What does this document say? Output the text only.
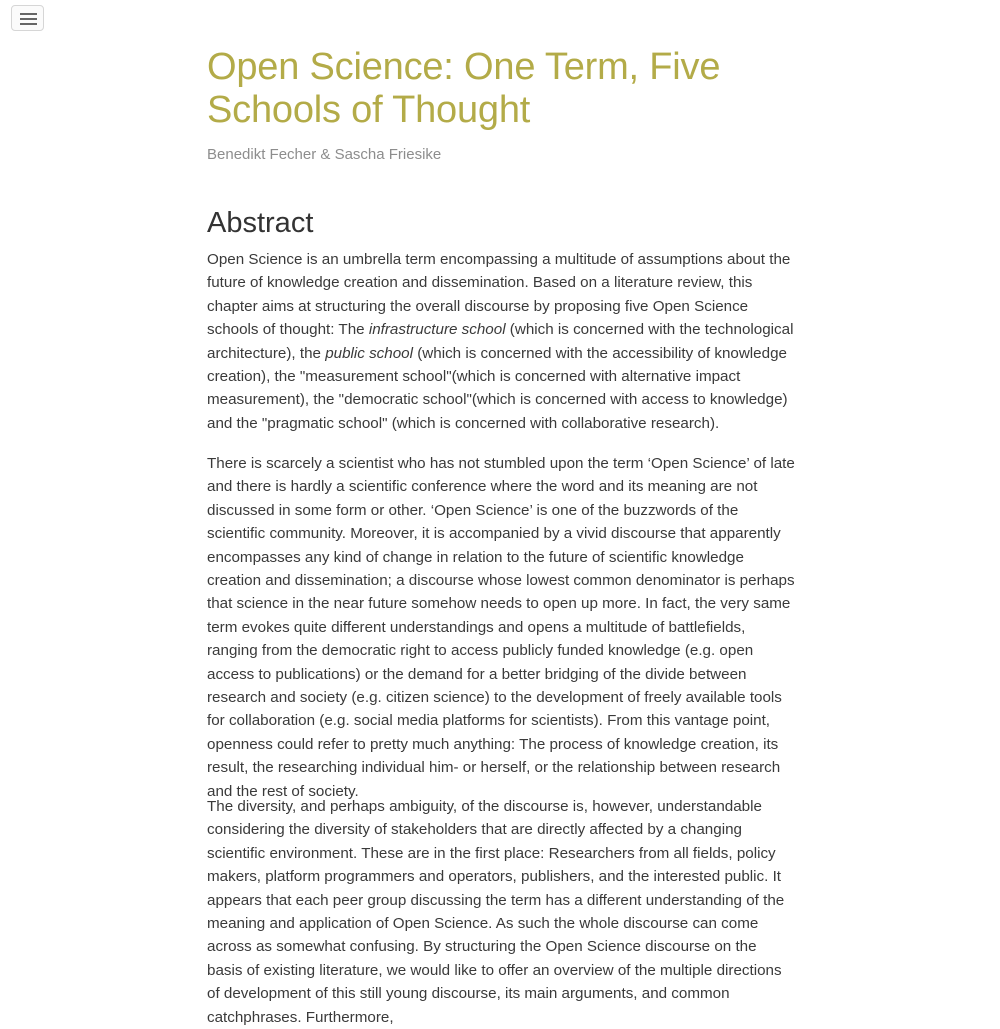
Open Science: One Term, Five Schools of Thought
Benedikt Fecher & Sascha Friesike
Abstract

Open Science is an umbrella term encompassing a multitude of assumptions about the future of knowledge creation and dissemination. Based on a literature review, this chapter aims at structuring the overall discourse by proposing five Open Science schools of thought: The infrastructure school (which is concerned with the technological architecture), the public school (which is concerned with the accessibility of knowledge creation), the "measurement school"(which is concerned with alternative impact measurement), the "democratic school"(which is concerned with access to knowledge) and the "pragmatic school" (which is concerned with collaborative research).

There is scarcely a scientist who has not stumbled upon the term ‘Open Science’ of late and there is hardly a scientific conference where the word and its meaning are not discussed in some form or other. ‘Open Science’ is one of the buzzwords of the scientific community. Moreover, it is accompanied by a vivid discourse that apparently encompasses any kind of change in relation to the future of scientific knowledge creation and dissemination; a discourse whose lowest common denominator is perhaps that science in the near future somehow needs to open up more. In fact, the very same term evokes quite different understandings and opens a multitude of battlefields, ranging from the democratic right to access publicly funded knowledge (e.g. open access to publications) or the demand for a better bridging of the divide between research and society (e.g. citizen science) to the development of freely available tools for collaboration (e.g. social media platforms for scientists). From this vantage point, openness could refer to pretty much anything: The process of knowledge creation, its result, the researching individual him- or herself, or the relationship between research and the rest of society.

The diversity, and perhaps ambiguity, of the discourse is, however, understandable considering the diversity of stakeholders that are directly affected by a changing scientific environment. These are in the first place: Researchers from all fields, policy makers, platform programmers and operators, publishers, and the interested public. It appears that each peer group discussing the term has a different understanding of the meaning and application of Open Science. As such the whole discourse can come across as somewhat confusing. By structuring the Open Science discourse on the basis of existing literature, we would like to offer an overview of the multiple directions of development of this still young discourse, its main arguments, and common catchphrases. Furthermore,
